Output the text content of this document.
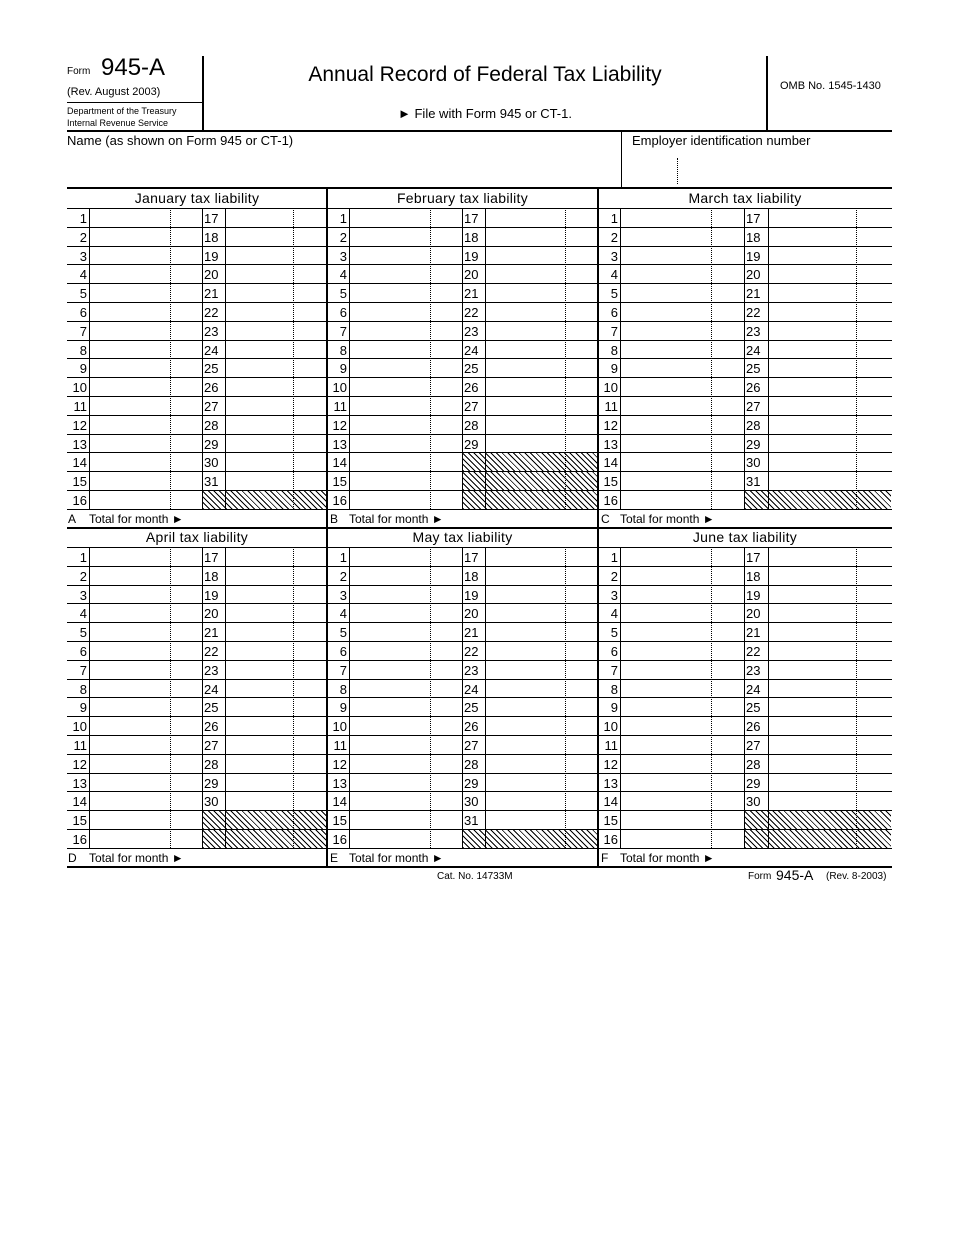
Form 945-A
(Rev. August 2003)
Department of the Treasury
Internal Revenue Service
Annual Record of Federal Tax Liability
► File with Form 945 or CT-1.
OMB No. 1545-1430
Name (as shown on Form 945 or CT-1)	Employer identification number
January tax liability
1	17
2	18
3	19
4	20
5	21
6	22
7	23
8	24
9	25
10	26
11	27
12	28
13	29
14	30
15	31
16
A Total for month ►
February tax liability
1	17
2	18
3	19
4	20
5	21
6	22
7	23
8	24
9	25
10	26
11	27
12	28
13	29
14
15
16
B Total for month ►
March tax liability
1	17
2	18
3	19
4	20
5	21
6	22
7	23
8	24
9	25
10	26
11	27
12	28
13	29
14	30
15	31
16
C Total for month ►
April tax liability
1	17
2	18
3	19
4	20
5	21
6	22
7	23
8	24
9	25
10	26
11	27
12	28
13	29
14	30
15
16
D Total for month ►
May tax liability
1	17
2	18
3	19
4	20
5	21
6	22
7	23
8	24
9	25
10	26
11	27
12	28
13	29
14	30
15	31
16
E Total for month ►
June tax liability
1	17
2	18
3	19
4	20
5	21
6	22
7	23
8	24
9	25
10	26
11	27
12	28
13	29
14	30
15
16
F Total for month ►
Cat. No. 14733M	Form 945-A (Rev. 8-2003)
